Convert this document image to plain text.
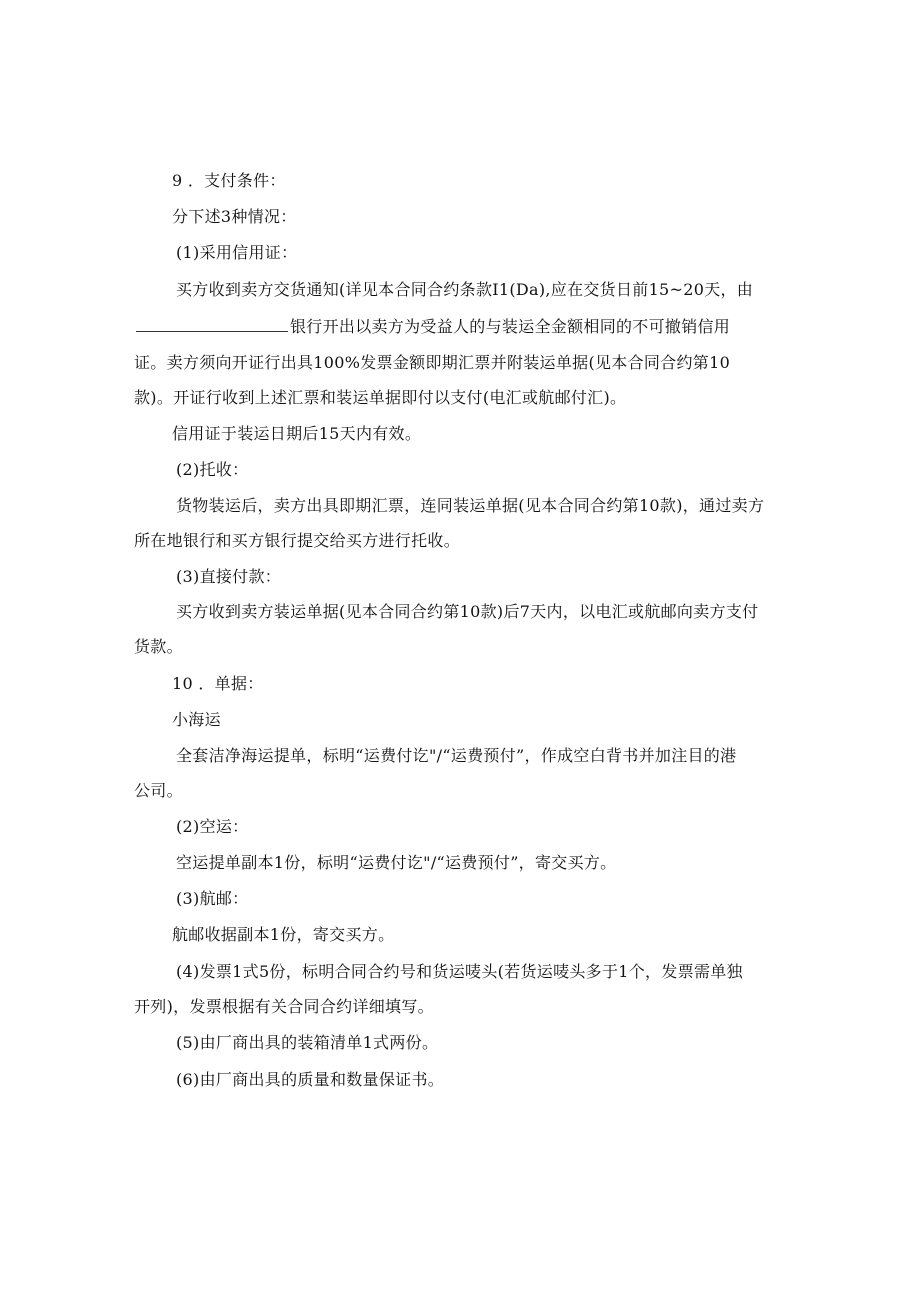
9 ．支付条件：
分下述3种情况：
(1)采用信用证：
买方收到卖方交货通知(详见本合同合约条款I1(Da),应在交货日前15~20天，由
银行开出以卖方为受益人的与装运全金额相同的不可撤销信用
证。卖方须向开证行出具100%发票金额即期汇票并附装运单据(见本合同合约第10
款)。开证行收到上述汇票和装运单据即付以支付(电汇或航邮付汇)。
信用证于装运日期后15天内有效。
(2)托收：
货物装运后，卖方出具即期汇票，连同装运单据(见本合同合约第10款)，通过卖方
所在地银行和买方银行提交给买方进行托收。
(3)直接付款：
买方收到卖方装运单据(见本合同合约第10款)后7天内，以电汇或航邮向卖方支付
货款。
10 ．单据：
小海运
全套洁净海运提单，标明“运费付讫"/“运费预付”，作成空白背书并加注目的港
公司。
(2)空运：
空运提单副本1份，标明“运费付讫"/“运费预付”，寄交买方。
(3)航邮：
航邮收据副本1份，寄交买方。
(4)发票1式5份，标明合同合约号和货运唛头(若货运唛头多于1个，发票需单独
开列)，发票根据有关合同合约详细填写。
(5)由厂商出具的装箱清单1式两份。
(6)由厂商出具的质量和数量保证书。
